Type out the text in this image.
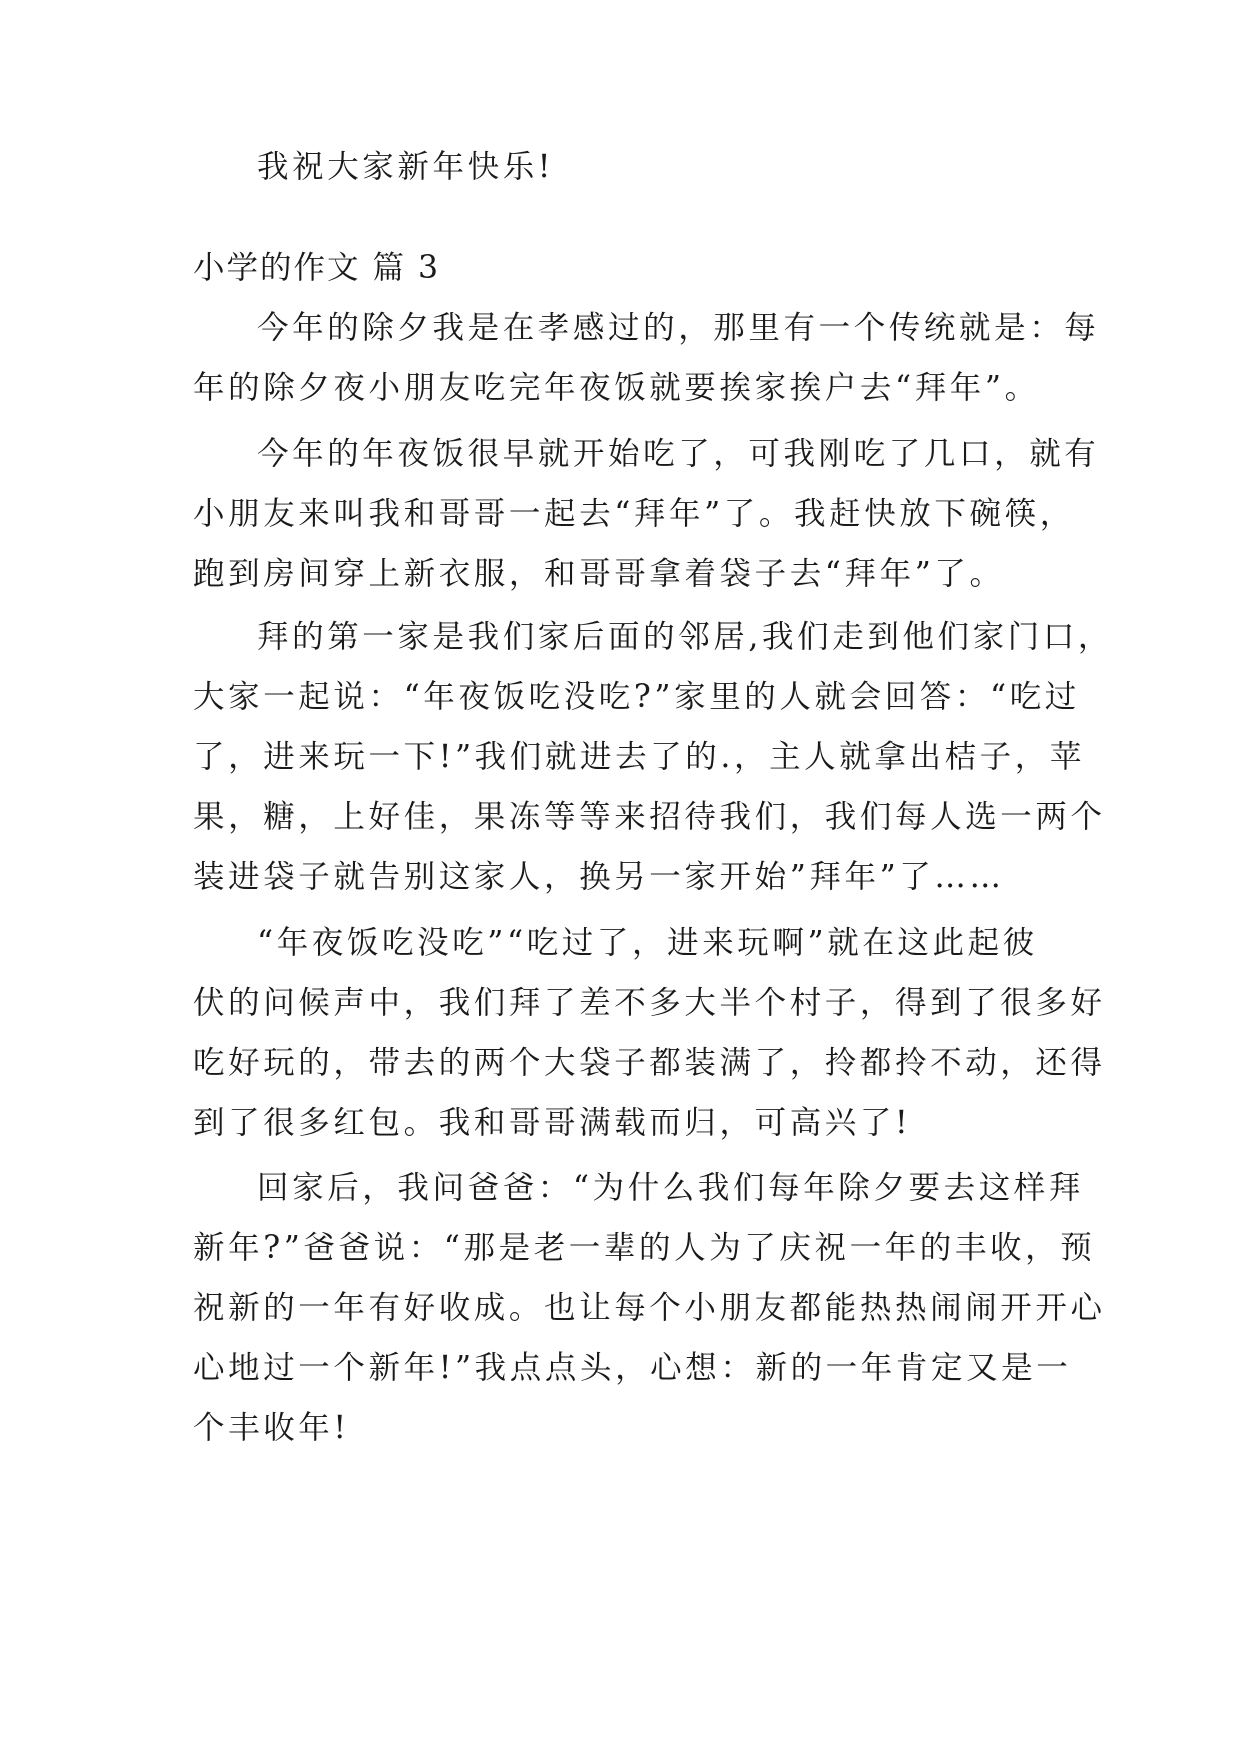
我祝大家新年快乐!
小学的作文 篇 3
今年的除夕我是在孝感过的，那里有一个传统就是：每
年的除夕夜小朋友吃完年夜饭就要挨家挨户去“拜年”。
今年的年夜饭很早就开始吃了，可我刚吃了几口，就有
小朋友来叫我和哥哥一起去“拜年”了。我赶快放下碗筷，
跑到房间穿上新衣服，和哥哥拿着袋子去“拜年”了。
拜的第一家是我们家后面的邻居,我们走到他们家门口，
大家一起说：“年夜饭吃没吃?”家里的人就会回答：“吃过
了，进来玩一下!”我们就进去了的.，主人就拿出桔子，苹
果，糖，上好佳，果冻等等来招待我们，我们每人选一两个
装进袋子就告别这家人，换另一家开始”拜年”了……
“年夜饭吃没吃”“吃过了，进来玩啊”就在这此起彼
伏的问候声中，我们拜了差不多大半个村子，得到了很多好
吃好玩的，带去的两个大袋子都装满了，拎都拎不动，还得
到了很多红包。我和哥哥满载而归，可高兴了!
回家后，我问爸爸：“为什么我们每年除夕要去这样拜
新年?”爸爸说：“那是老一辈的人为了庆祝一年的丰收，预
祝新的一年有好收成。也让每个小朋友都能热热闹闹开开心
心地过一个新年!”我点点头，心想：新的一年肯定又是一
个丰收年!
